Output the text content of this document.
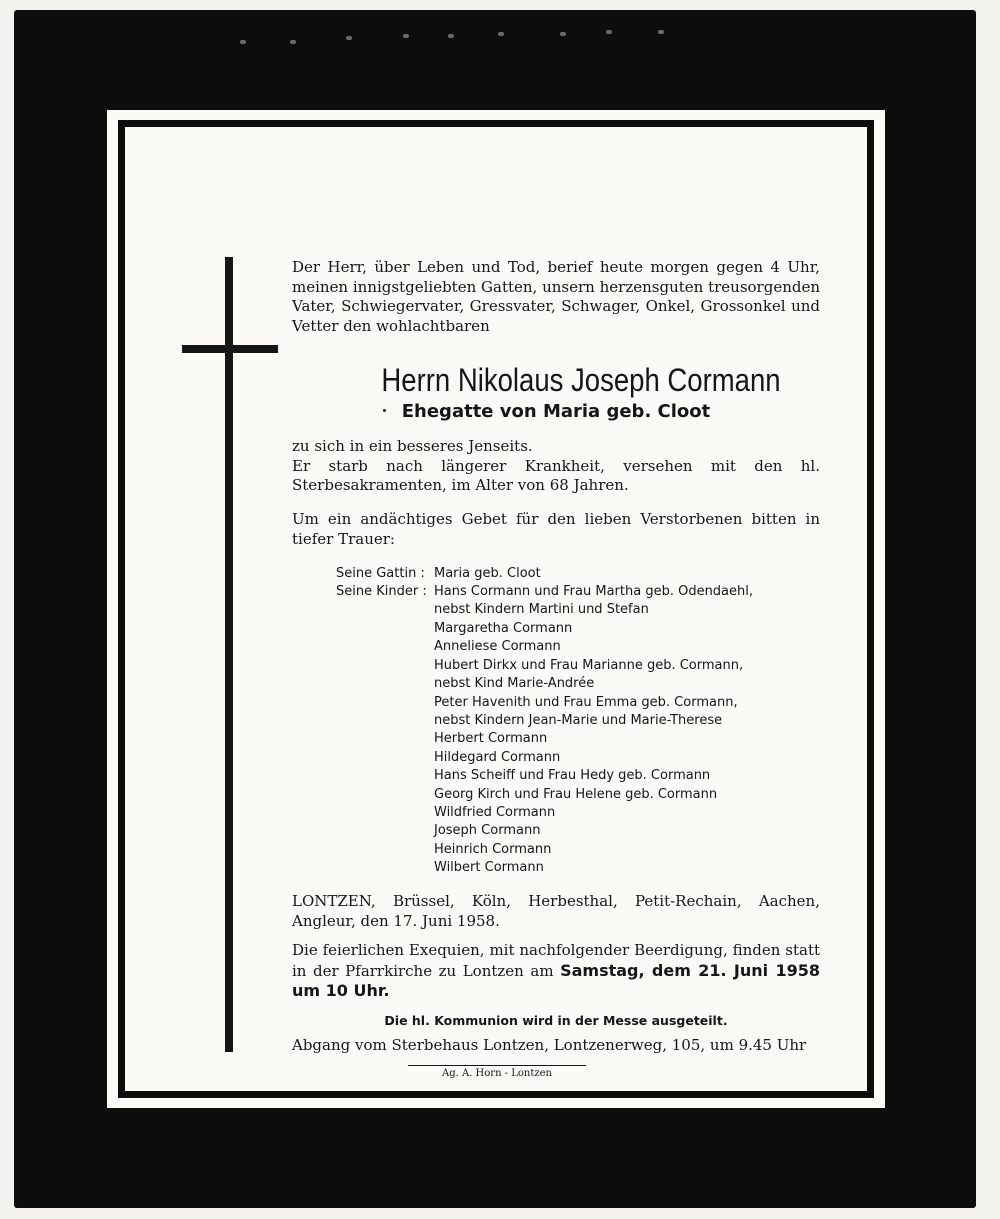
Der Herr, über Leben und Tod, berief heute morgen gegen 4 Uhr, meinen innigstgeliebten Gatten, unsern herzensguten treusorgenden Vater, Schwiegervater, Gressvater, Schwager, Onkel, Grossonkel und Vetter den wohlachtbaren

Herrn Nikolaus Joseph Cormann
Ehegatte von Maria geb. Cloot

zu sich in ein besseres Jenseits.
Er starb nach längerer Krankheit, versehen mit den hl. Sterbesakramenten, im Alter von 68 Jahren.

Um ein andächtiges Gebet für den lieben Verstorbenen bitten in tiefer Trauer:

Seine Gattin : Maria geb. Cloot
Seine Kinder : Hans Cormann und Frau Martha geb. Odendaehl,
nebst Kindern Martini und Stefan
Margaretha Cormann
Anneliese Cormann
Hubert Dirkx und Frau Marianne geb. Cormann,
nebst Kind Marie-Andrée
Peter Havenith und Frau Emma geb. Cormann,
nebst Kindern Jean-Marie und Marie-Therese
Herbert Cormann
Hildegard Cormann
Hans Scheiff und Frau Hedy geb. Cormann
Georg Kirch und Frau Helene geb. Cormann
Wildfried Cormann
Joseph Cormann
Heinrich Cormann
Wilbert Cormann

LONTZEN, Brüssel, Köln, Herbesthal, Petit-Rechain, Aachen, Angleur, den 17. Juni 1958.

Die feierlichen Exequien, mit nachfolgender Beerdigung, finden statt in der Pfarrkirche zu Lontzen am Samstag, dem 21. Juni 1958 um 10 Uhr.

Die hl. Kommunion wird in der Messe ausgeteilt.

Abgang vom Sterbehaus Lontzen, Lontzenerweg, 105, um 9.45 Uhr

Ag. A. Horn - Lontzen
